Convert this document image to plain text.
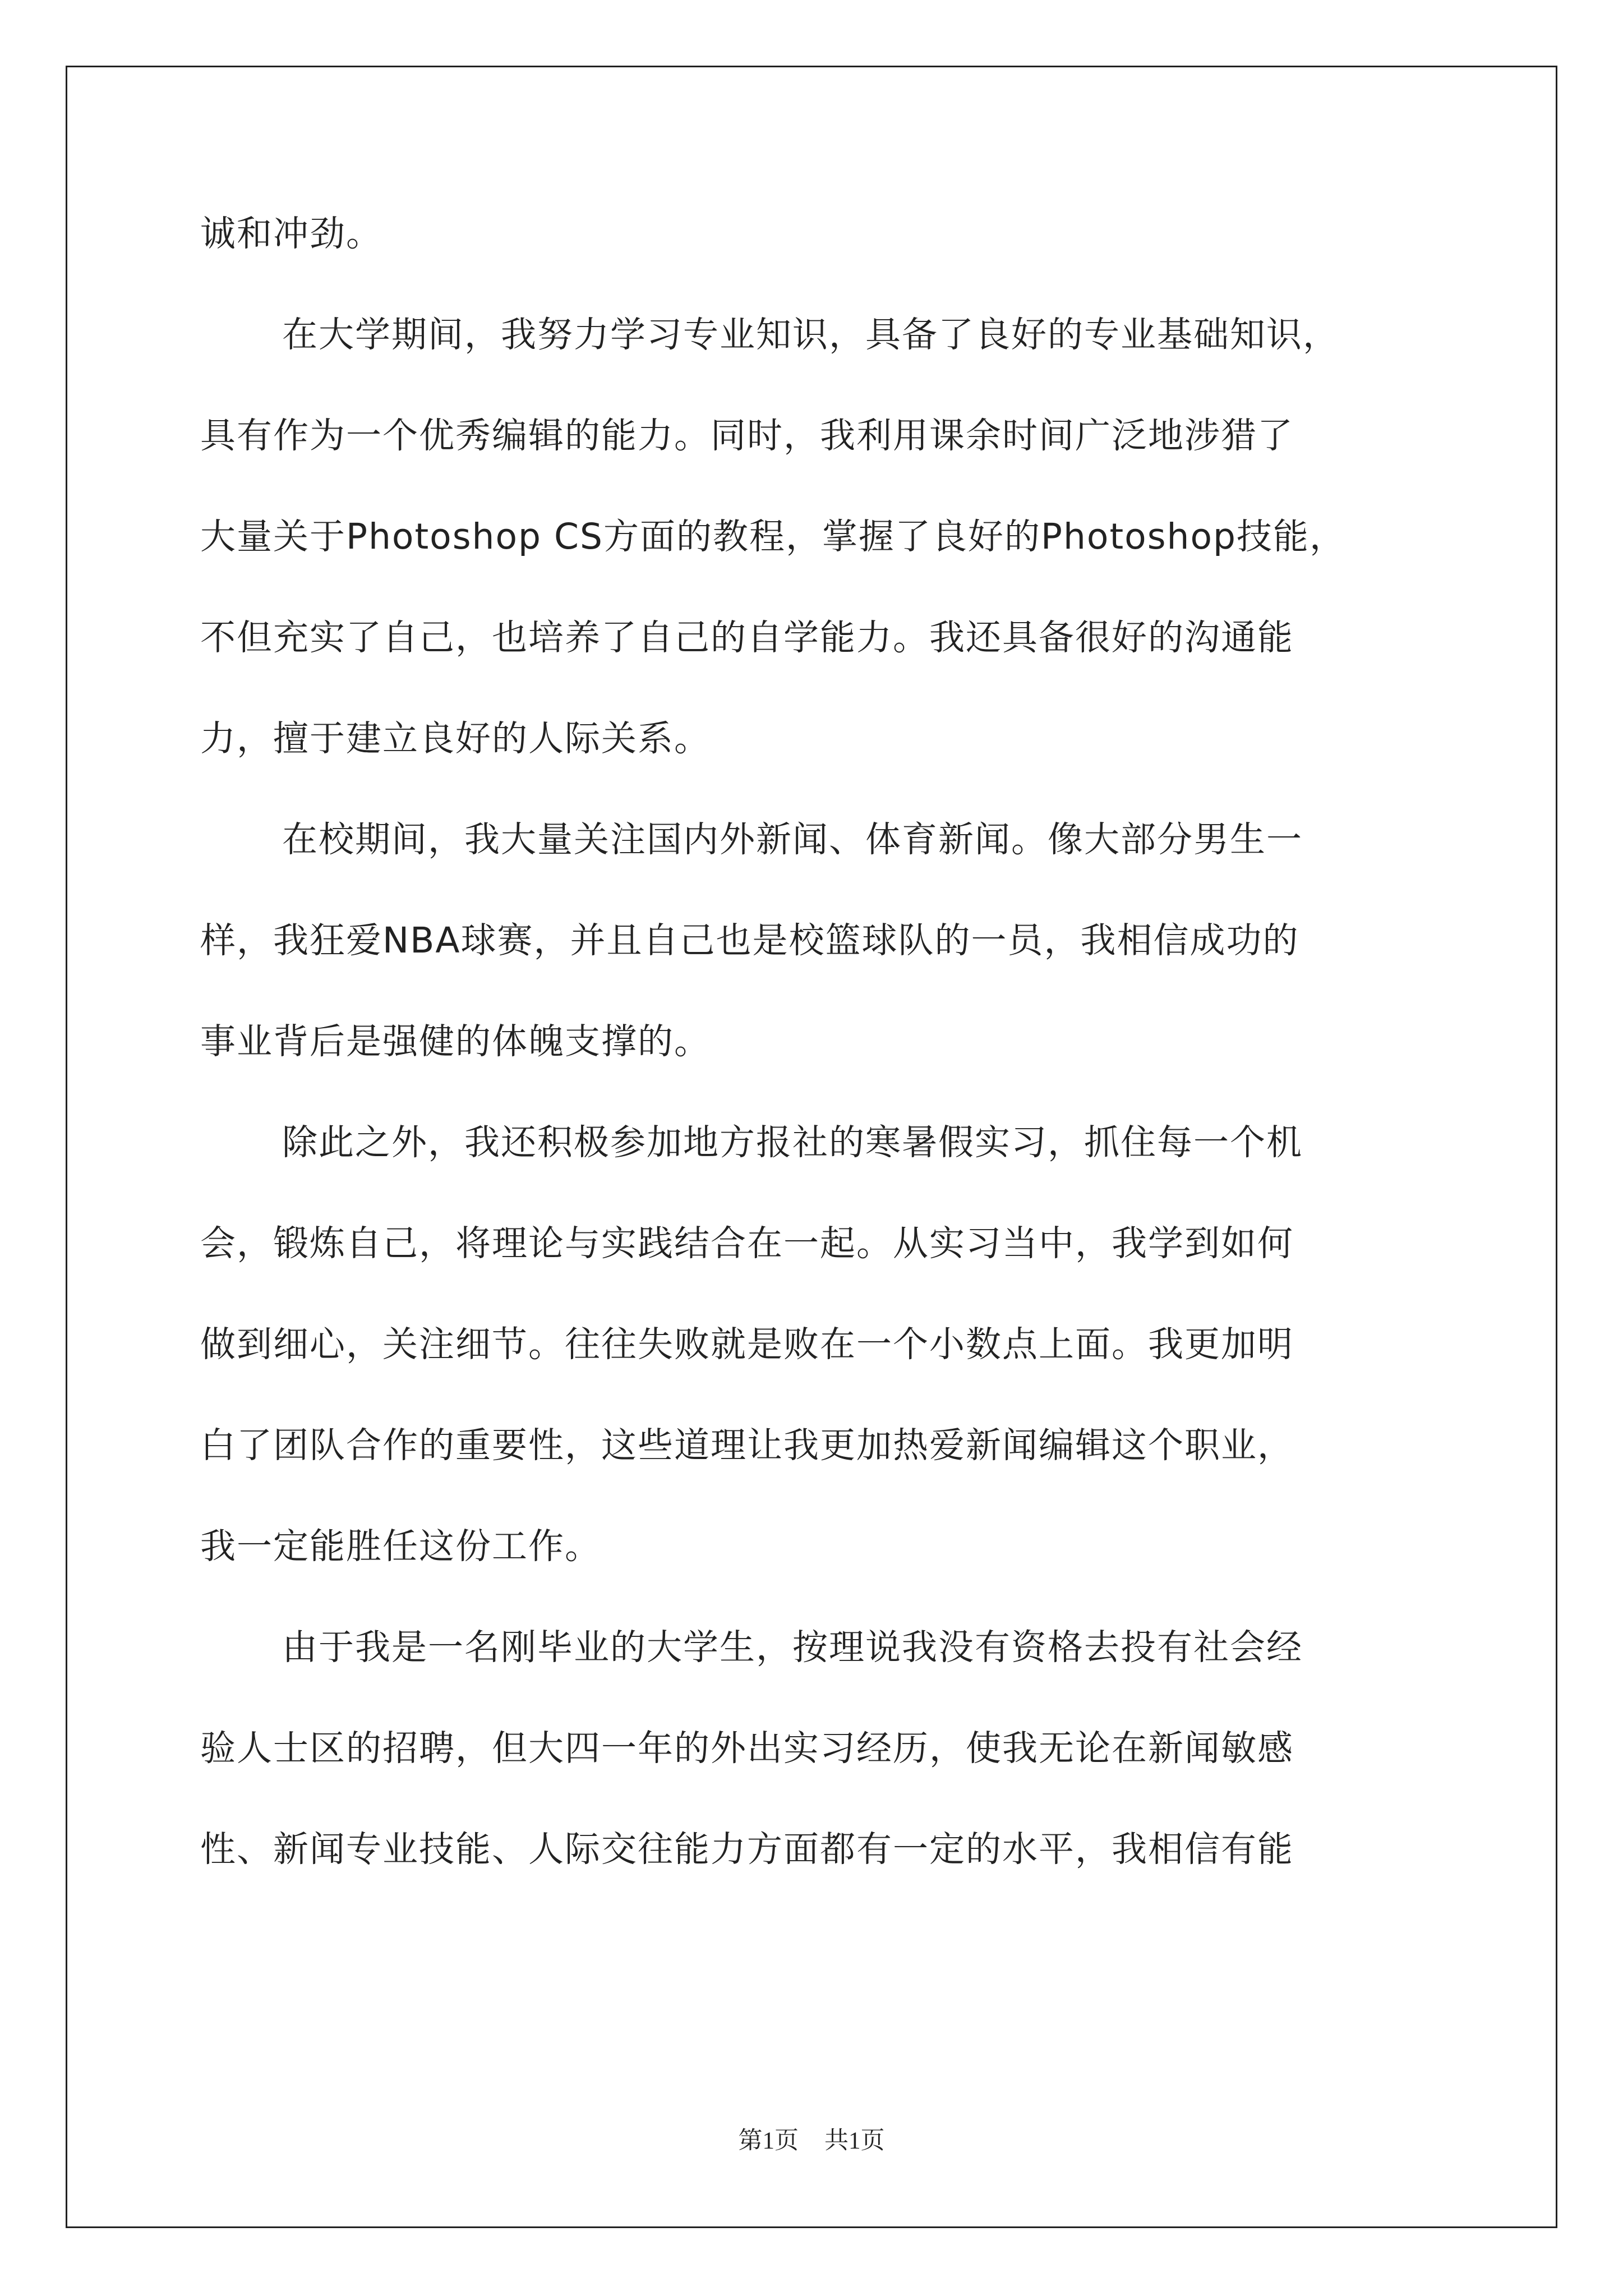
诚和冲劲。
在大学期间，我努力学习专业知识，具备了良好的专业基础知识，
具有作为一个优秀编辑的能力。同时，我利用课余时间广泛地涉猎了
大量关于Photoshop CS方面的教程，掌握了良好的Photoshop技能，
不但充实了自己，也培养了自己的自学能力。我还具备很好的沟通能
力，擅于建立良好的人际关系。
在校期间，我大量关注国内外新闻、体育新闻。像大部分男生一
样，我狂爱NBA球赛，并且自己也是校篮球队的一员，我相信成功的
事业背后是强健的体魄支撑的。
除此之外，我还积极参加地方报社的寒暑假实习，抓住每一个机
会，锻炼自己，将理论与实践结合在一起。从实习当中，我学到如何
做到细心，关注细节。往往失败就是败在一个小数点上面。我更加明
白了团队合作的重要性，这些道理让我更加热爱新闻编辑这个职业，
我一定能胜任这份工作。
由于我是一名刚毕业的大学生，按理说我没有资格去投有社会经
验人士区的招聘，但大四一年的外出实习经历，使我无论在新闻敏感
性、新闻专业技能、人际交往能力方面都有一定的水平，我相信有能
第1页 共1页
